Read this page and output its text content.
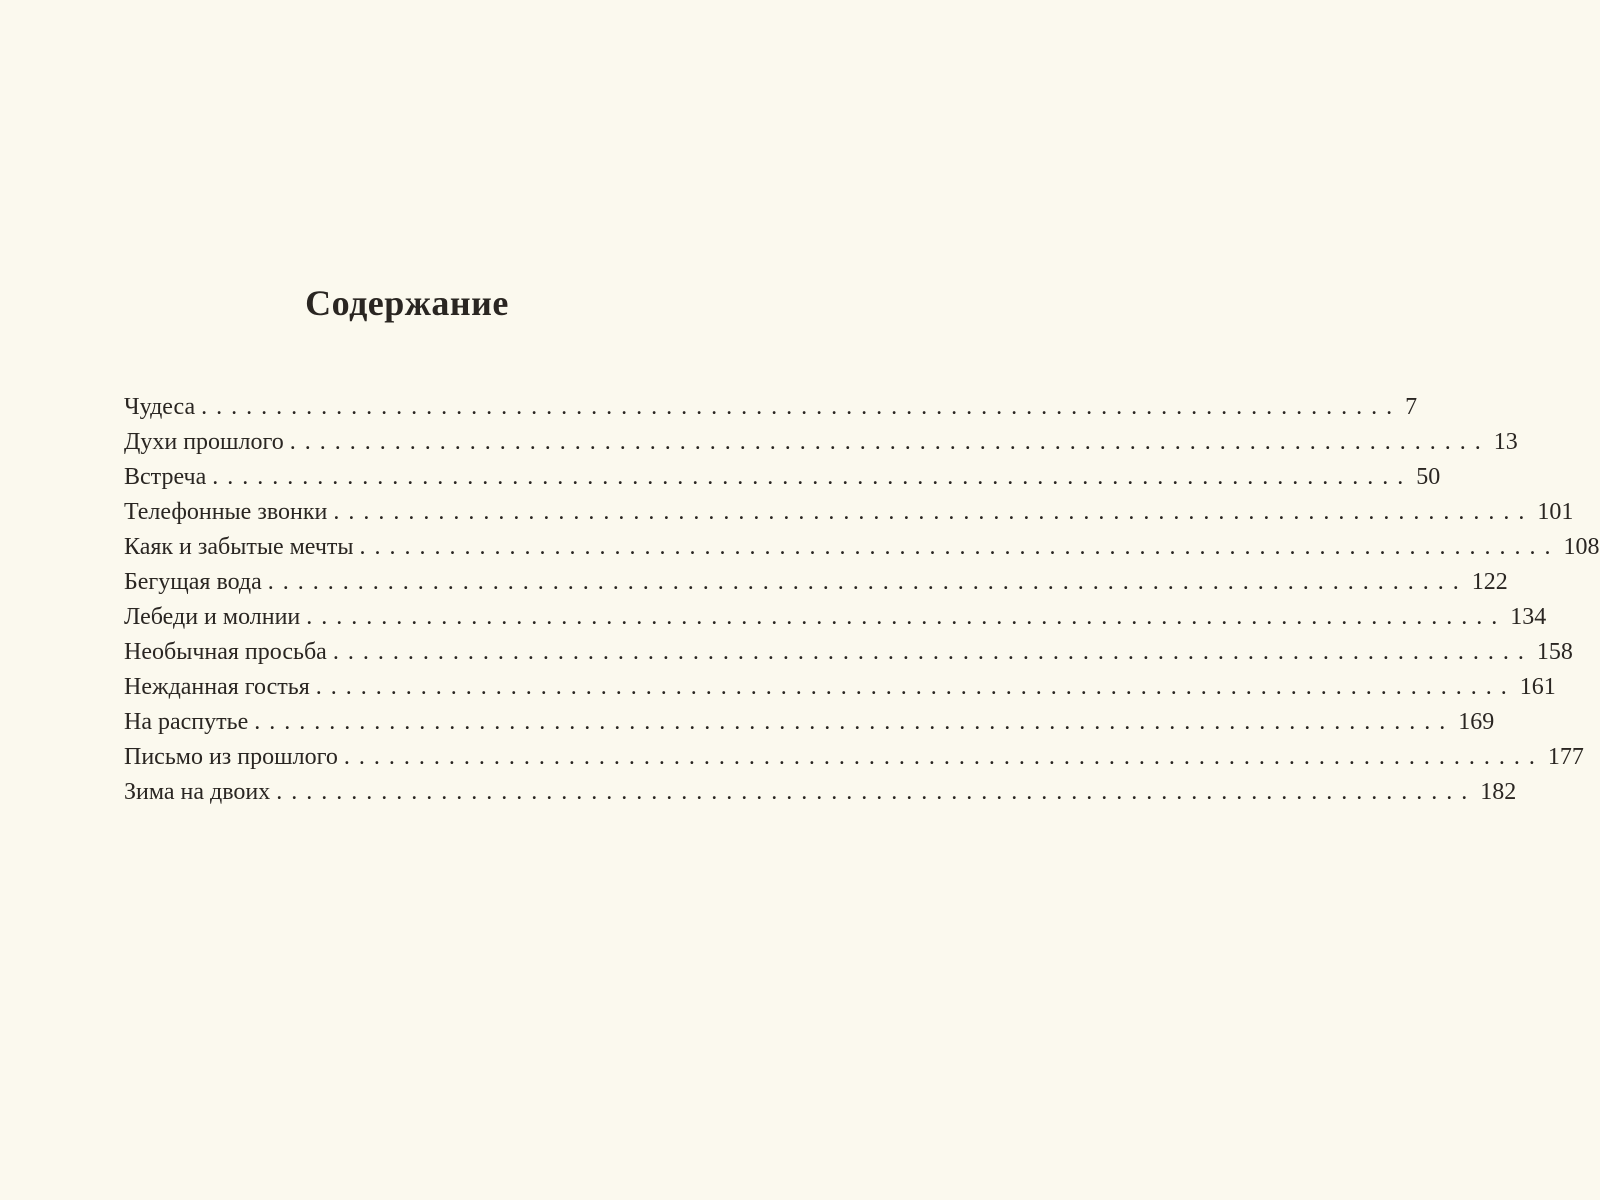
Содержание
Чудеса ................................................................................ 7
Духи прошлого ................................................................................ 13
Встреча ................................................................................ 50
Телефонные звонки ................................................................................ 101
Каяк и забытые мечты ................................................................................ 108
Бегущая вода ................................................................................ 122
Лебеди и молнии ................................................................................ 134
Необычная просьба ................................................................................ 158
Нежданная гостья ................................................................................ 161
На распутье ................................................................................ 169
Письмо из прошлого ................................................................................ 177
Зима на двоих ................................................................................ 182
